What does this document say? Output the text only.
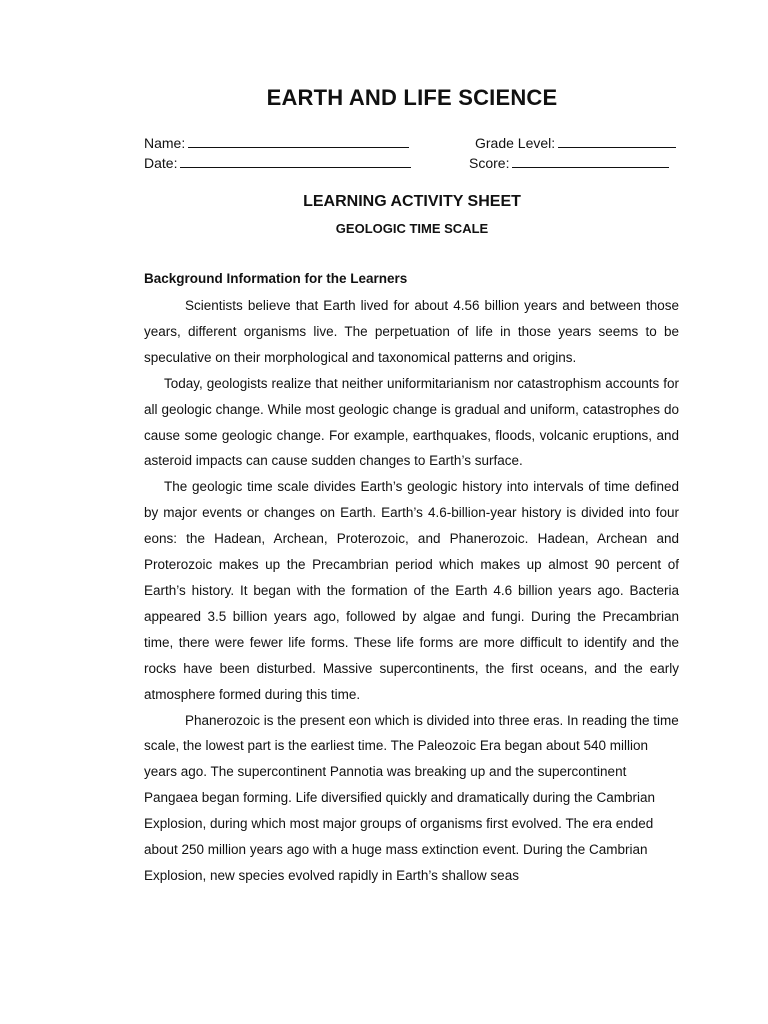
EARTH AND LIFE SCIENCE
Name:	Grade Level:
Date:	Score:
LEARNING ACTIVITY SHEET
GEOLOGIC TIME SCALE
Background Information for the Learners

Scientists believe that Earth lived for about 4.56 billion years and between those years, different organisms live. The perpetuation of life in those years seems to be speculative on their morphological and taxonomical patterns and origins.

Today, geologists realize that neither uniformitarianism nor catastrophism accounts for all geologic change. While most geologic change is gradual and uniform, catastrophes do cause some geologic change. For example, earthquakes, floods, volcanic eruptions, and asteroid impacts can cause sudden changes to Earth’s surface.

The geologic time scale divides Earth’s geologic history into intervals of time defined by major events or changes on Earth. Earth’s 4.6-billion-year history is divided into four eons: the Hadean, Archean, Proterozoic, and Phanerozoic. Hadean, Archean and Proterozoic makes up the Precambrian period which makes up almost 90 percent of Earth’s history. It began with the formation of the Earth 4.6 billion years ago. Bacteria appeared 3.5 billion years ago, followed by algae and fungi. During the Precambrian time, there were fewer life forms. These life forms are more difficult to identify and the rocks have been disturbed. Massive supercontinents, the first oceans, and the early atmosphere formed during this time.

Phanerozoic is the present eon which is divided into three eras. In reading the time scale, the lowest part is the earliest time. The Paleozoic Era began about 540 million years ago. The supercontinent Pannotia was breaking up and the supercontinent Pangaea began forming. Life diversified quickly and dramatically during the Cambrian Explosion, during which most major groups of organisms first evolved. The era ended about 250 million years ago with a huge mass extinction event. During the Cambrian Explosion, new species evolved rapidly in Earth’s shallow seas
